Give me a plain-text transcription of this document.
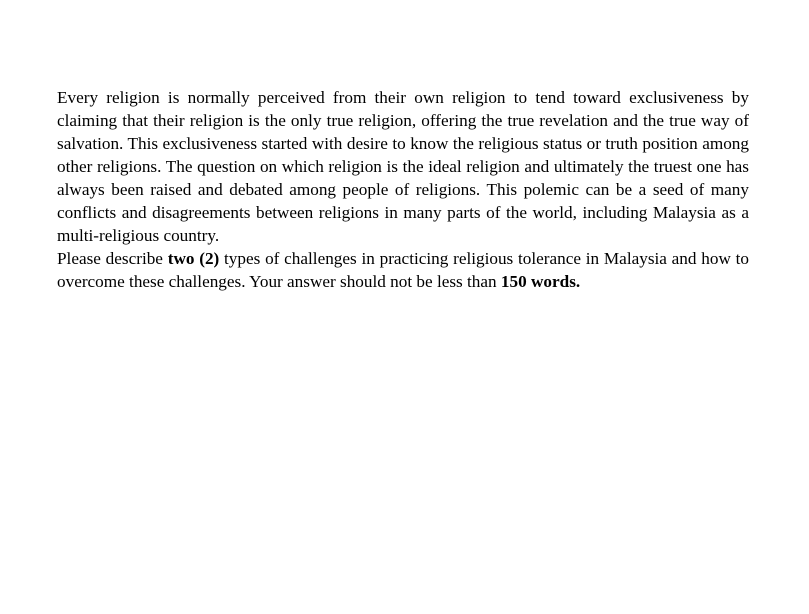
Every religion is normally perceived from their own religion to tend toward exclusiveness by claiming that their religion is the only true religion, offering the true revelation and the true way of salvation. This exclusiveness started with desire to know the religious status or truth position among other religions. The question on which religion is the ideal religion and ultimately the truest one has always been raised and debated among people of religions. This polemic can be a seed of many conflicts and disagreements between religions in many parts of the world, including Malaysia as a multi-religious country.

Please describe two (2) types of challenges in practicing religious tolerance in Malaysia and how to overcome these challenges. Your answer should not be less than 150 words.
